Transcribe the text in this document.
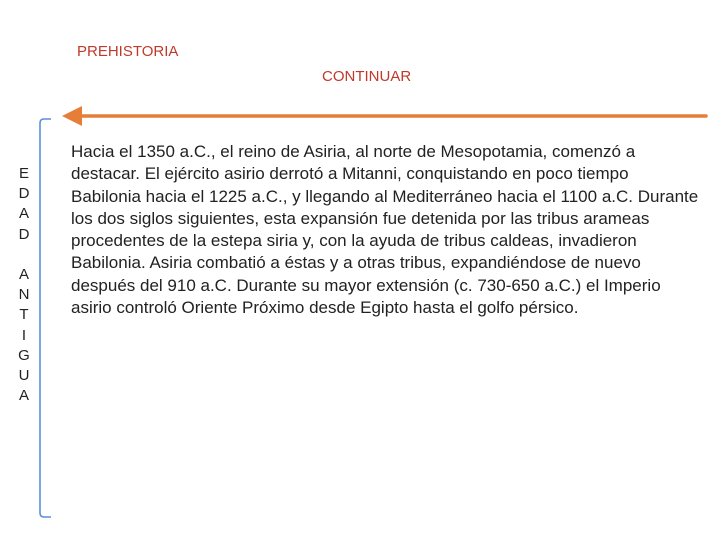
PREHISTORIA
CONTINUAR
E
D
A
D

A
N
T
I
G
U
A

Hacia el 1350 a.C., el reino de Asiria, al norte de Mesopotamia, comenzó a destacar. El ejército asirio derrotó a Mitanni, conquistando en poco tiempo Babilonia hacia el 1225 a.C., y llegando al Mediterráneo hacia el 1100 a.C. Durante los dos siglos siguientes, esta expansión fue detenida por las tribus arameas procedentes de la estepa siria y, con la ayuda de tribus caldeas, invadieron Babilonia. Asiria combatió a éstas y a otras tribus, expandiéndose de nuevo después del 910 a.C. Durante su mayor extensión (c. 730-650 a.C.) el Imperio asirio controló Oriente Próximo desde Egipto hasta el golfo pérsico.
